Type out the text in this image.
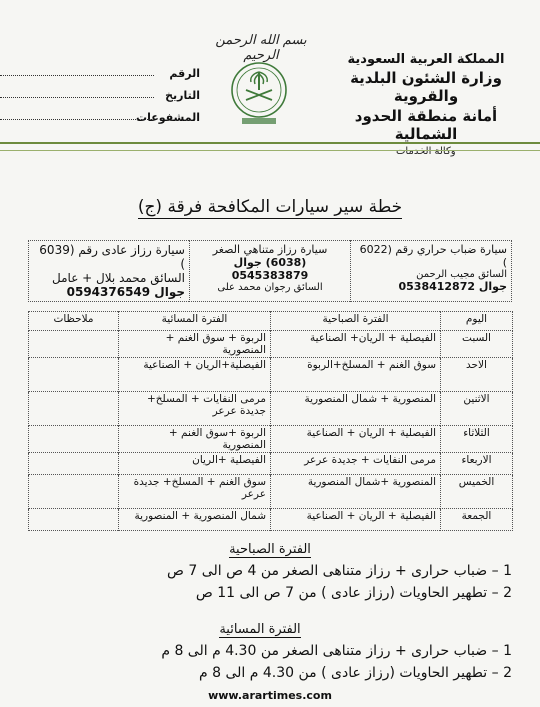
بسم الله الرحمن الرحيم	المملكة العربية السعودية
وزارة الشئون البلدية والقروية
أمانة منطقة الحدود الشمالية
وكالة الخدمات
الرقم
التاريخ
المشفوعات
خطة سير سيارات المكافحة فرقة (ج)
سيارة ضباب حراري رقم (6022 )
السائق مجيب الرحمن
جوال 0538412872

سيارة رزاز متناهي الصغر
(6038) جوال 0545383879
السائق رجوان محمد على

سيارة رزاز عادى رقم (6039 )
السائق محمد بلال + عامل
جوال 0594376549
اليوم	الفترة الصباحية	الفترة المسائية	ملاحظات
السبت	الفيصلية + الريان+ الصناعية	الربوة + سوق الغنم + المنصورية	
الاحد	سوق الغنم + المسلخ+الربوة	الفيصلية+الريان + الصناعية	
الاثنين	المنصورية + شمال المنصورية	مرمى النفايات + المسلخ+ جديدة عرعر	
الثلاثاء	الفيصلية + الريان + الصناعية	الربوة +سوق الغنم + المنصورية	
الاربعاء	مرمى النفايات + جديدة عرعر	الفيصلية +الريان	
الخميس	المنصورية +شمال المنصورية	سوق الغنم + المسلخ+ جديدة عرعر	
الجمعة	الفيصلية + الريان + الصناعية	شمال المنصورية + المنصورية	
الفترة الصباحية
1 – ضباب حرارى + رزاز متناهى الصغر من 4 ص الى 7 ص
2 – تطهير الحاويات (رزاز عادى ) من 7 ص الى 11 ص
الفترة المسائية
1 – ضباب حرارى + رزاز متناهى الصغر من 4.30 م الى 8 م
2 – تطهير الحاويات (رزاز عادى ) من 4.30 م الى 8 م
www.arartimes.com
